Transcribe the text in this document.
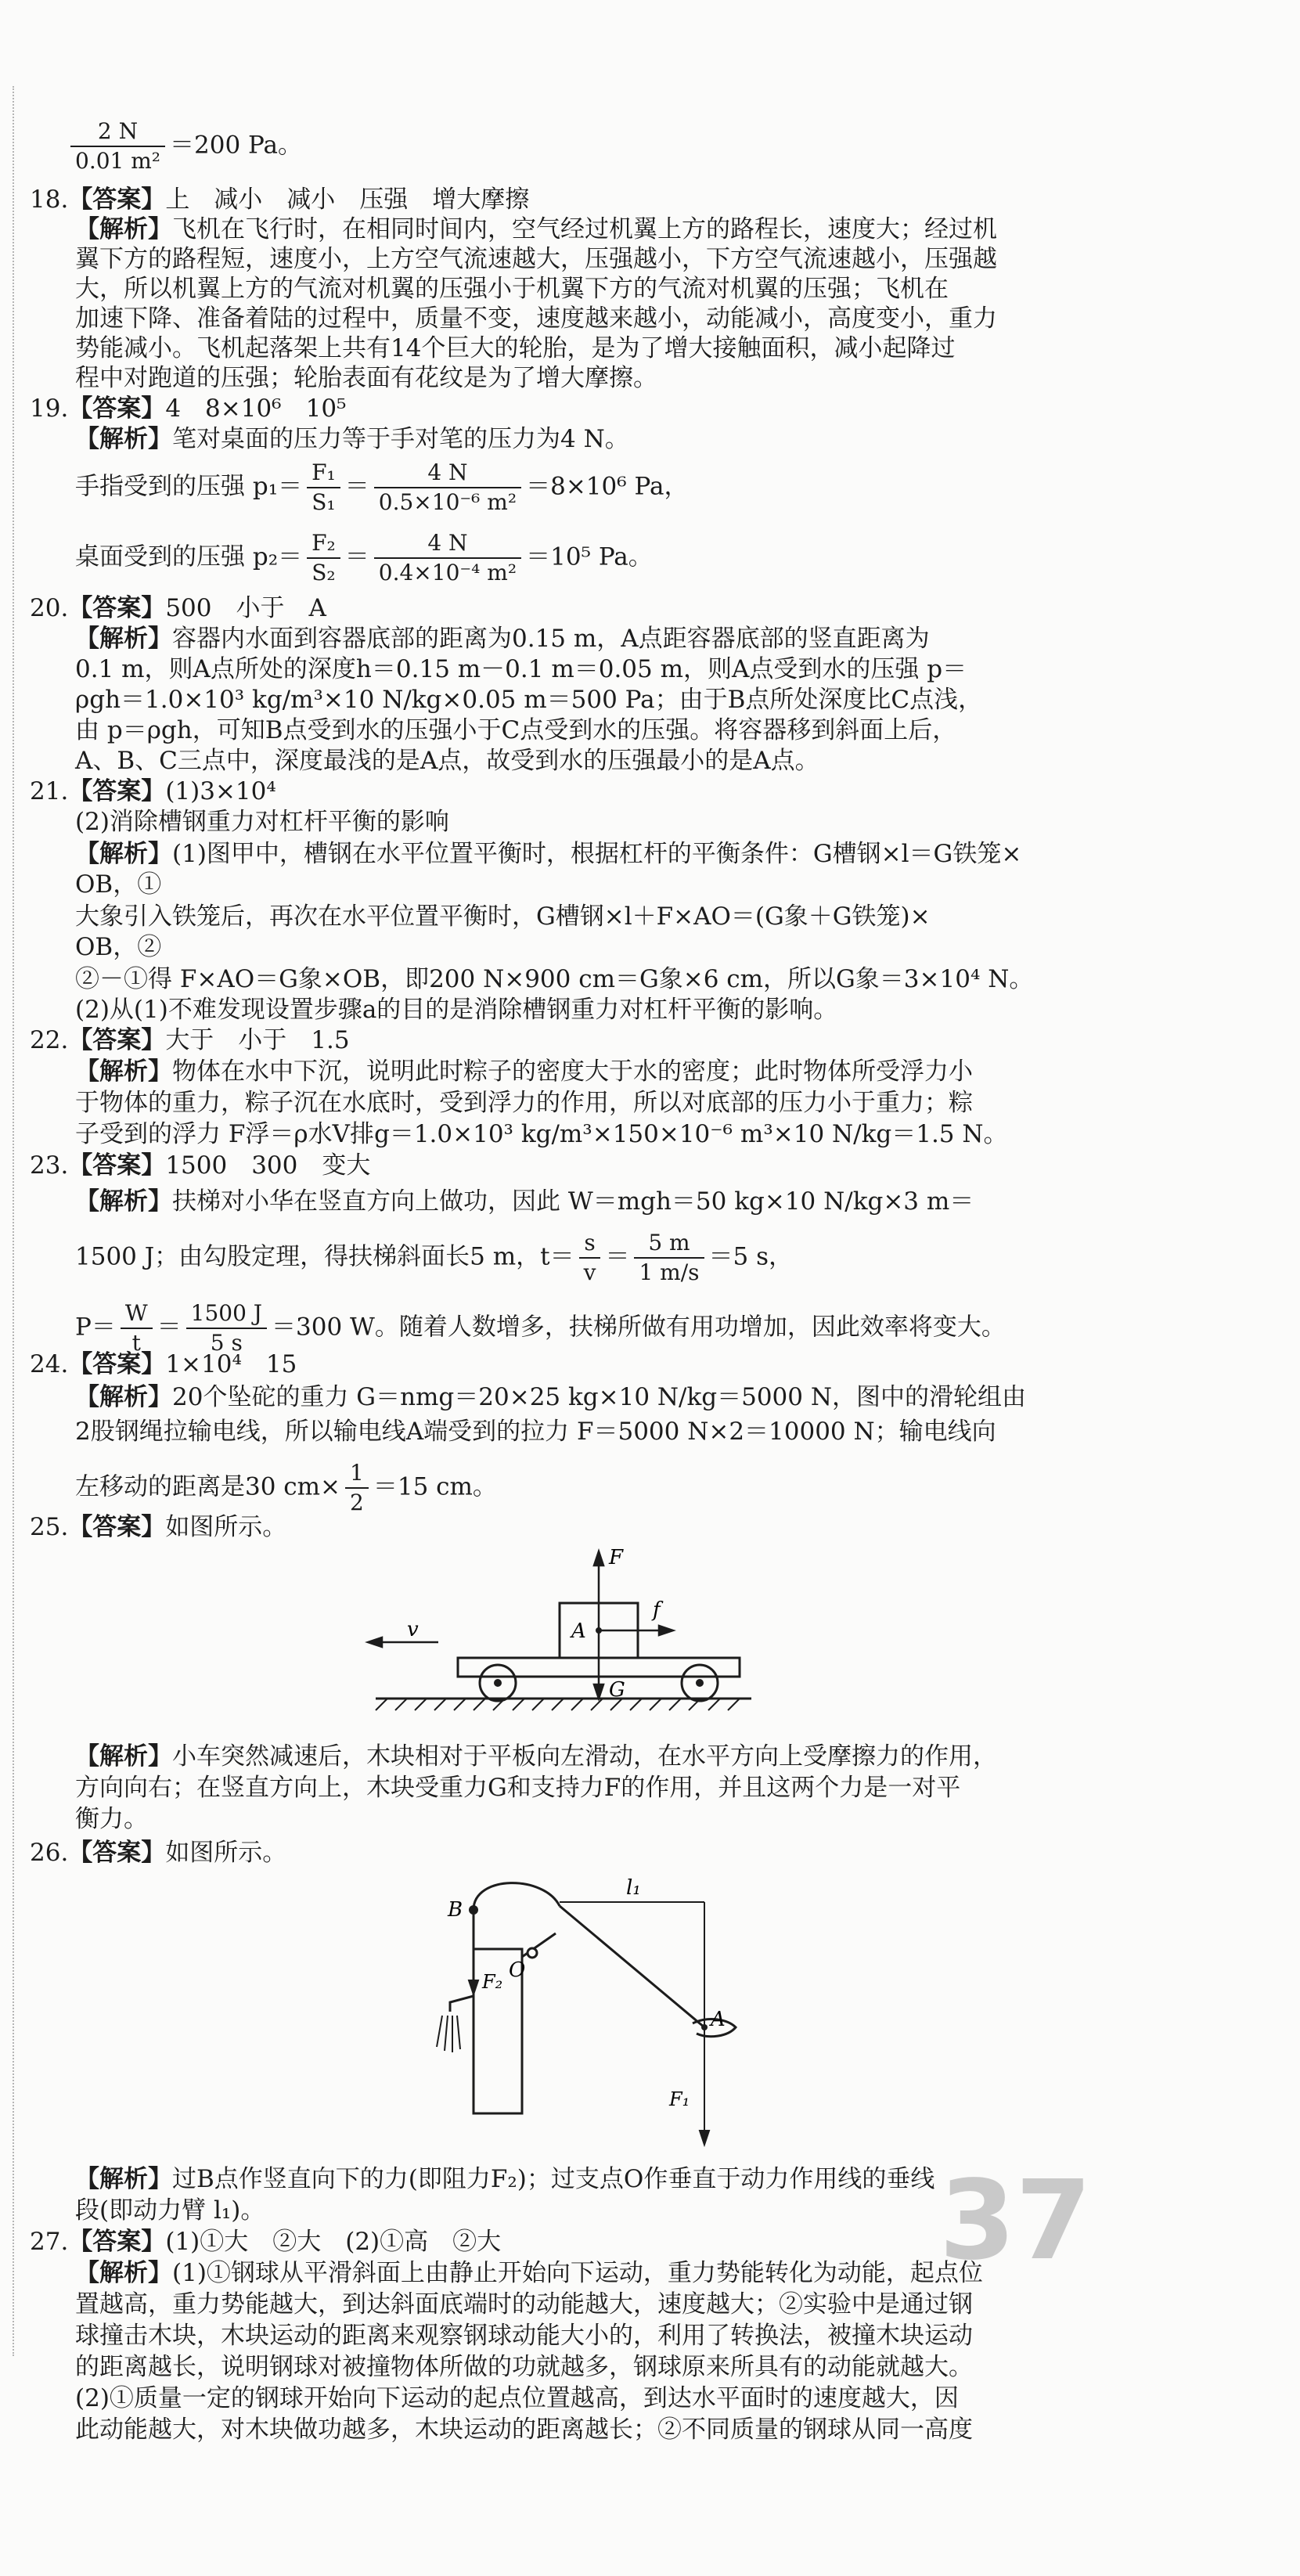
$\frac{2 N}{\text{0.01 m²}} =200$ Pa。
18.【答案】上　减小　减小　压强　增大摩擦
【解析】飞机在飞行时，在相同时间内，空气经过机翼上方的路程长，速度大；经过机
翼下方的路程短，速度小，上方空气流速越大，压强越小，下方空气流速越小，压强越
大，所以机翼上方的气流对机翼的压强小于机翼下方的气流对机翼的压强；飞机在
加速下降、准备着陆的过程中，质量不变，速度越来越小，动能减小，高度变小，重力
势能减小。飞机起落架上共有14个巨大的轮胎，是为了增大接触面积，减小起降过
程中对跑道的压强；轮胎表面有花纹是为了增大摩擦。
19.【答案】4　8×10⁶　10⁵
【解析】笔对桌面的压力等于手对笔的压力为4 N。
手指受到的压强 $p_1= \frac{\text{F₁}}{\text{S₁}} = \frac{4 N}{\text{0.5×10⁻⁶ m²}} =8\times 10^6$ Pa，
桌面受到的压强 $p_2= \frac{\text{F₂}}{\text{S₂}} = \frac{4 N}{\text{0.4×10⁻⁴ m²}} =10^5$ Pa。
20.【答案】500　小于　A
【解析】容器内水面到容器底部的距离为0.15 m，A点距容器底部的竖直距离为
0.1 m，则A点所处的深度h＝0.15 m－0.1 m＝0.05 m，则A点受到水的压强 p＝
ρgh＝1.0×10³ kg/m³×10 N/kg×0.05 m＝500 Pa；由于B点所处深度比C点浅，
由 p＝ρgh，可知B点受到水的压强小于C点受到水的压强。将容器移到斜面上后，
A、B、C三点中，深度最浅的是A点，故受到水的压强最小的是A点。
21.【答案】(1)3×10⁴
(2)消除槽钢重力对杠杆平衡的影响
【解析】(1)图甲中，槽钢在水平位置平衡时，根据杠杆的平衡条件：G槽钢×l＝G铁笼×
OB，①
大象引入铁笼后，再次在水平位置平衡时，G槽钢×l＋F×AO＝(G象＋G铁笼)×
OB，②
②－①得 F×AO＝G象×OB，即200 N×900 cm＝G象×6 cm，所以G象＝3×10⁴ N。
(2)从(1)不难发现设置步骤a的目的是消除槽钢重力对杠杆平衡的影响。
22.【答案】大于　小于　1.5
【解析】物体在水中下沉，说明此时粽子的密度大于水的密度；此时物体所受浮力小
于物体的重力，粽子沉在水底时，受到浮力的作用，所以对底部的压力小于重力；粽
子受到的浮力 F浮＝ρ水V排g＝1.0×10³ kg/m³×150×10⁻⁶ m³×10 N/kg＝1.5 N。
23.【答案】1500　300　变大
【解析】扶梯对小华在竖直方向上做功，因此 W＝mgh＝50 kg×10 N/kg×3 m＝
1500 J；由勾股定理，得扶梯斜面长5 m，$t= \frac{s}{v} = \frac{5 m}{1 m/s} =5$ s，
$P= \frac{W}{t} = \frac{1500 J}{5 s} =300$ W。随着人数增多，扶梯所做有用功增加，因此效率将变大。
24.【答案】1×10⁴　15
【解析】20个坠砣的重力 G＝nmg＝20×25 kg×10 N/kg＝5000 N，图中的滑轮组由
2股钢绳拉输电线，所以输电线A端受到的拉力 F＝5000 N×2＝10000 N；输电线向
左移动的距离是30 $cm\times \frac{1}{2} =15$ cm。
25.【答案】如图所示。
F
f
A
G
v
【解析】小车突然减速后，木块相对于平板向左滑动，在水平方向上受摩擦力的作用，
方向向右；在竖直方向上，木块受重力G和支持力F的作用，并且这两个力是一对平
衡力。
26.【答案】如图所示。
B
O
A
l₁
F₂
F₁
【解析】过B点作竖直向下的力(即阻力F₂)；过支点O作垂直于动力作用线的垂线
段(即动力臂 l₁)。	37
27.【答案】(1)①大　②大　(2)①高　②大
【解析】(1)①钢球从平滑斜面上由静止开始向下运动，重力势能转化为动能，起点位
置越高，重力势能越大，到达斜面底端时的动能越大，速度越大；②实验中是通过钢
球撞击木块，木块运动的距离来观察钢球动能大小的，利用了转换法，被撞木块运动
的距离越长，说明钢球对被撞物体所做的功就越多，钢球原来所具有的动能就越大。
(2)①质量一定的钢球开始向下运动的起点位置越高，到达水平面时的速度越大，因
此动能越大，对木块做功越多，木块运动的距离越长；②不同质量的钢球从同一高度
